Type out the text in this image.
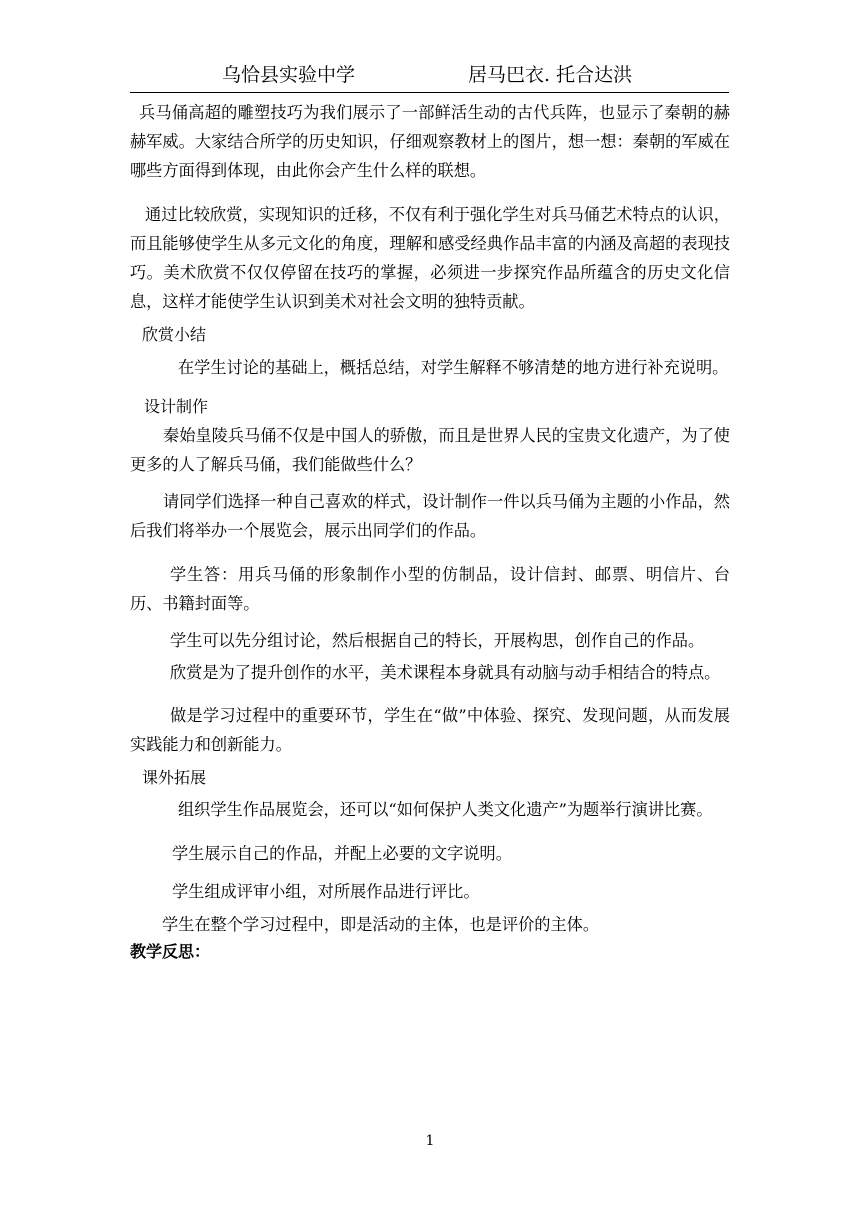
乌恰县实验中学	居马巴衣. 托合达洪

兵马俑高超的雕塑技巧为我们展示了一部鲜活生动的古代兵阵，也显示了秦朝的赫赫军威。大家结合所学的历史知识，仔细观察教材上的图片，想一想：秦朝的军威在哪些方面得到体现，由此你会产生什么样的联想。

通过比较欣赏，实现知识的迁移，不仅有利于强化学生对兵马俑艺术特点的认识，而且能够使学生从多元文化的角度，理解和感受经典作品丰富的内涵及高超的表现技巧。美术欣赏不仅仅停留在技巧的掌握，必须进一步探究作品所蕴含的历史文化信息，这样才能使学生认识到美术对社会文明的独特贡献。

欣赏小结

在学生讨论的基础上，概括总结，对学生解释不够清楚的地方进行补充说明。

设计制作

秦始皇陵兵马俑不仅是中国人的骄傲，而且是世界人民的宝贵文化遗产，为了使更多的人了解兵马俑，我们能做些什么？

请同学们选择一种自己喜欢的样式，设计制作一件以兵马俑为主题的小作品，然后我们将举办一个展览会，展示出同学们的作品。

学生答：用兵马俑的形象制作小型的仿制品，设计信封、邮票、明信片、台历、书籍封面等。

学生可以先分组讨论，然后根据自己的特长，开展构思，创作自己的作品。

欣赏是为了提升创作的水平，美术课程本身就具有动脑与动手相结合的特点。

做是学习过程中的重要环节，学生在“做”中体验、探究、发现问题，从而发展实践能力和创新能力。

课外拓展

组织学生作品展览会，还可以“如何保护人类文化遗产”为题举行演讲比赛。

学生展示自己的作品，并配上必要的文字说明。

学生组成评审小组，对所展作品进行评比。

学生在整个学习过程中，即是活动的主体，也是评价的主体。

教学反思：

1
